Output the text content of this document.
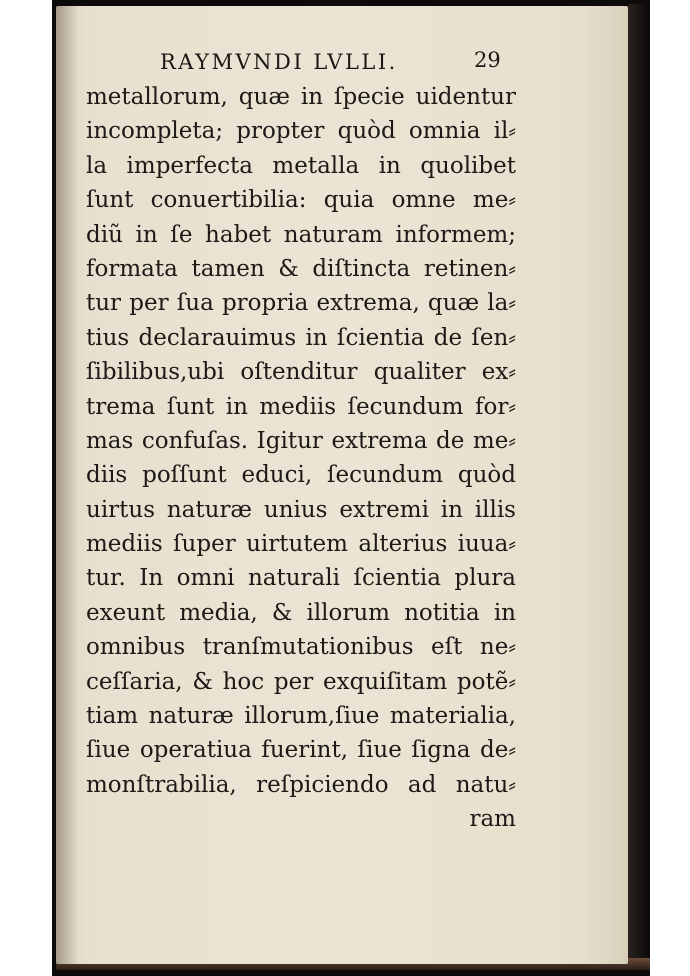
RAYMVNDI LVLLI.	29
metallorum, quæ in ſpecie uidentur
incompleta; propter quòd omnia il⸗
la imperfecta metalla in quolibet
ſunt conuertibilia: quia omne me⸗
diũ in ſe habet naturam informem;
formata tamen & diſtincta retinen⸗
tur per ſua propria extrema, quæ la⸗
tius declarauimus in ſcientia de ſen⸗
ſibilibus,ubi oſtenditur qualiter ex⸗
trema ſunt in mediis ſecundum for⸗
mas confuſas. Igitur extrema de me⸗
diis poſſunt educi, ſecundum quòd
uirtus naturæ unius extremi in illis
mediis ſuper uirtutem alterius iuua⸗
tur. In omni naturali ſcientia plura
exeunt media, & illorum notitia in
omnibus tranſmutationibus eſt ne⸗
ceſſaria, & hoc per exquiſitam potẽ⸗
tiam naturæ illorum,ſiue materialia,
ſiue operatiua fuerint, ſiue ſigna de⸗
monſtrabilia, reſpiciendo ad natu⸗
ram
